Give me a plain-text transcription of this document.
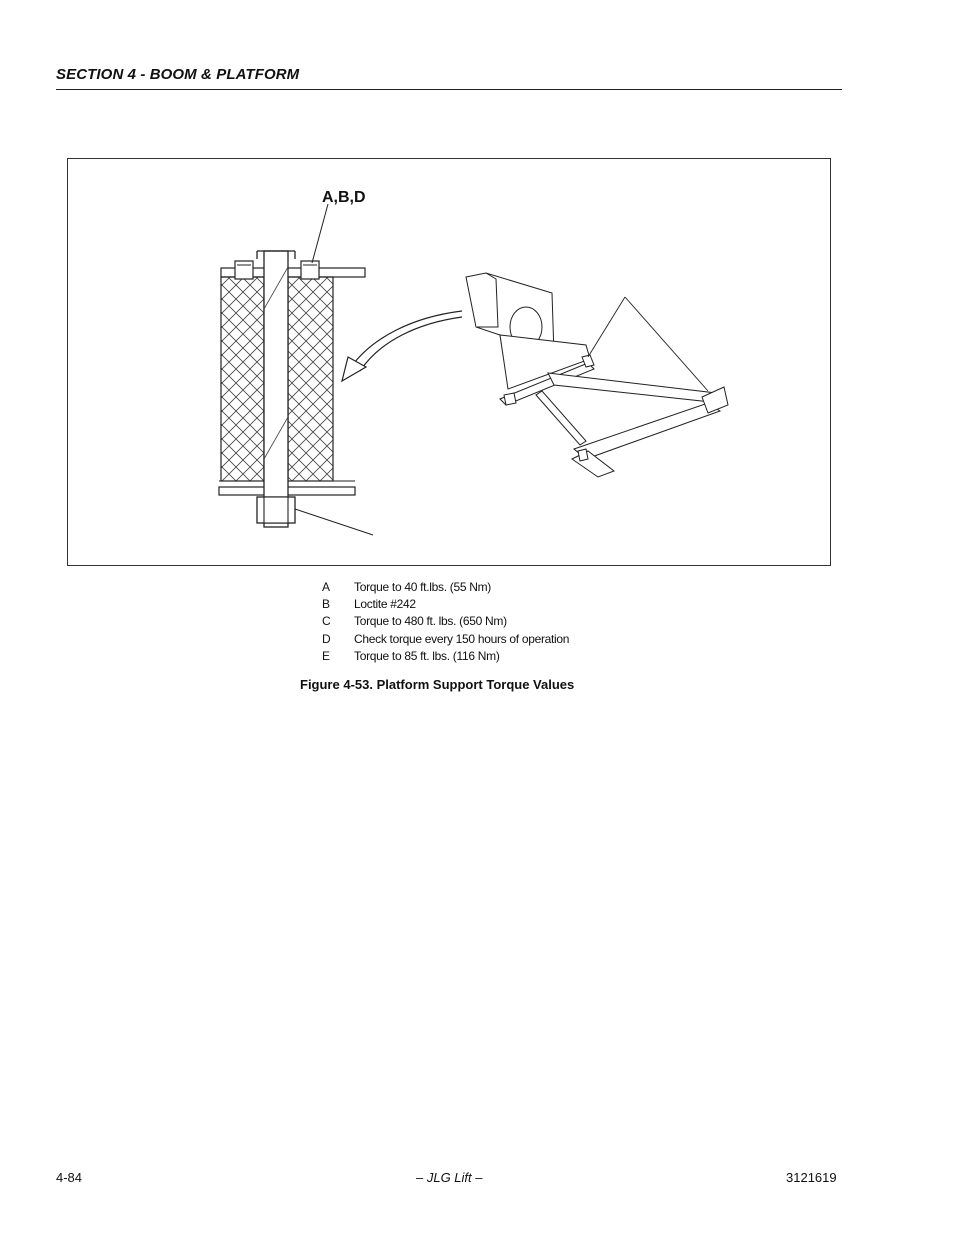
SECTION 4 - BOOM & PLATFORM
A,B,D
A Torque to 40 ft.lbs. (55 Nm)
B Loctite #242
C Torque to 480 ft. lbs. (650 Nm)
D Check torque every 150 hours of operation
E Torque to 85 ft. lbs. (116 Nm)
Figure 4-53. Platform Support Torque Values
4-84	– JLG Lift –	3121619
